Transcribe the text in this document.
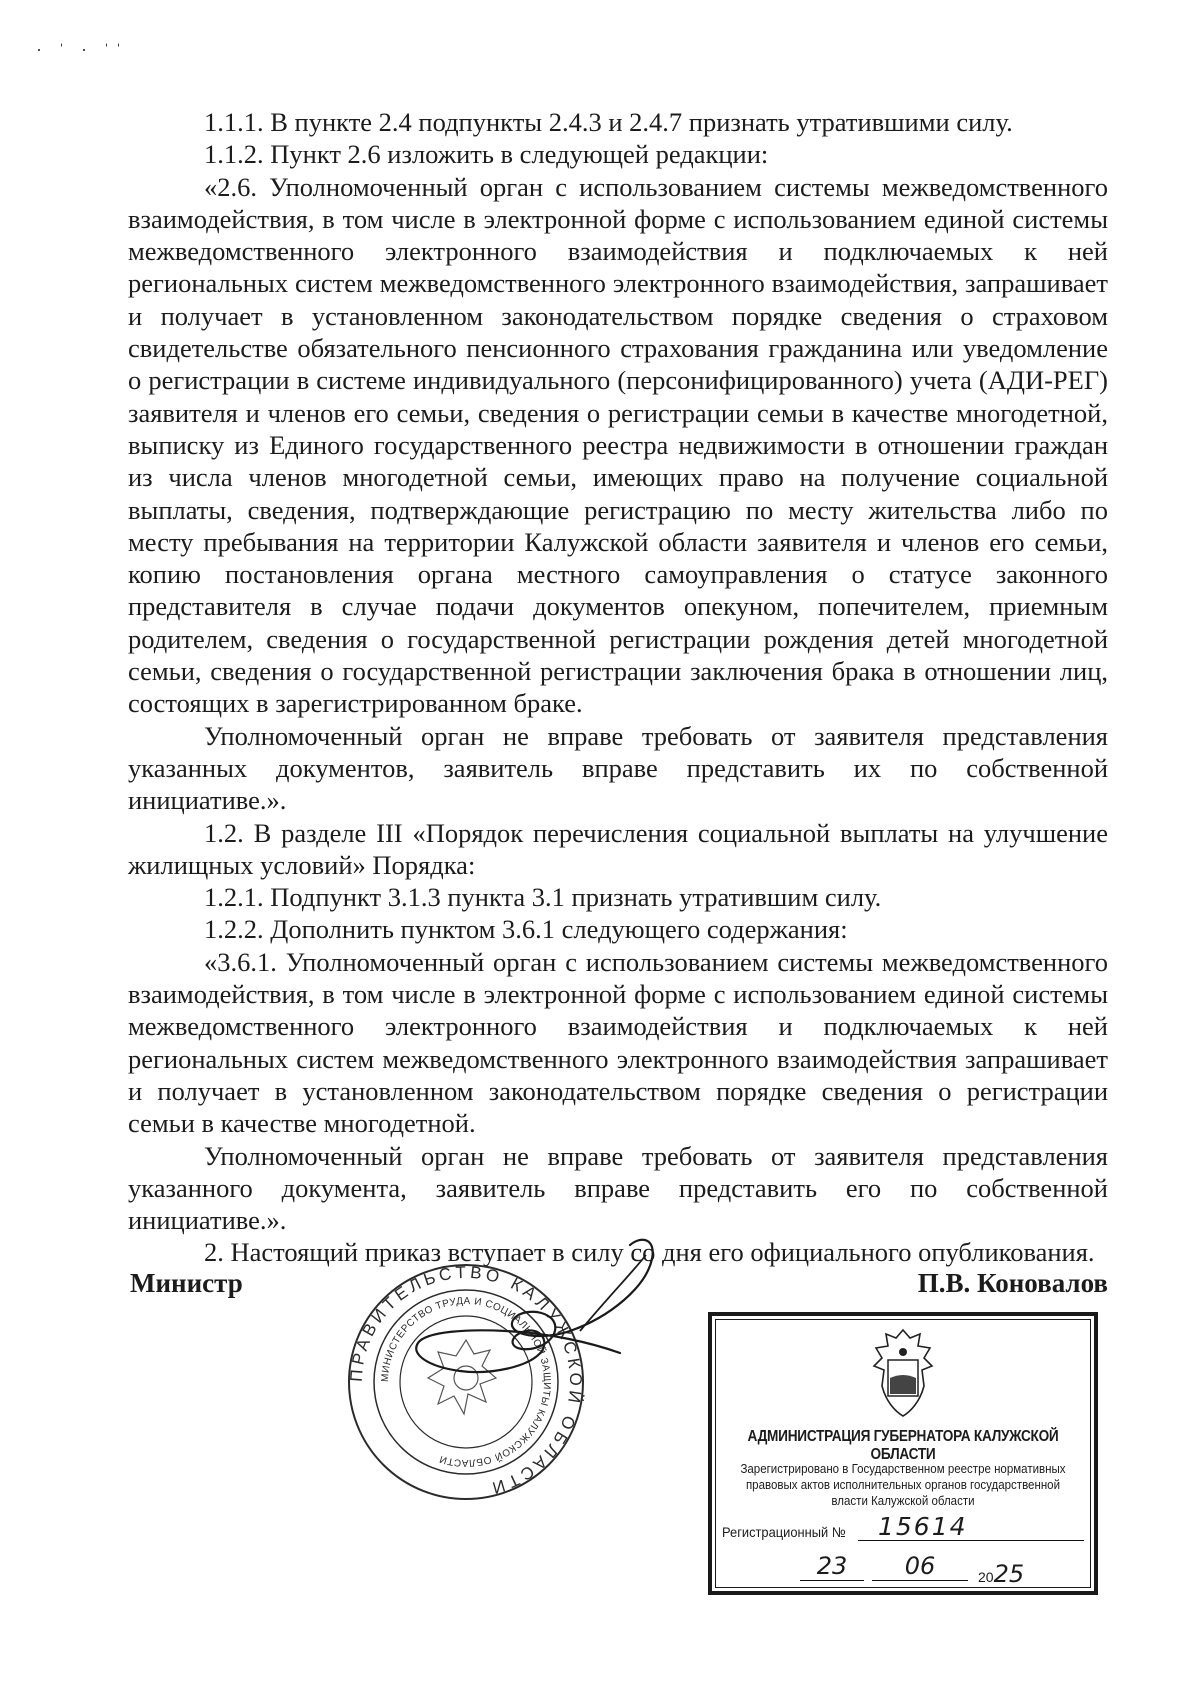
· ˈ · ˈˈ

1.1.1. В пункте 2.4 подпункты 2.4.3 и 2.4.7 признать утратившими силу.

1.1.2. Пункт 2.6 изложить в следующей редакции:

«2.6. Уполномоченный орган с использованием системы межведомственного взаимодействия, в том числе в электронной форме с использованием единой системы межведомственного электронного взаимодействия и подключаемых к ней региональных систем межведомственного электронного взаимодействия, запрашивает и получает в установленном законодательством порядке сведения о страховом свидетельстве обязательного пенсионного страхования гражданина или уведомление о регистрации в системе индивидуального (персонифицированного) учета (АДИ-РЕГ) заявителя и членов его семьи, сведения о регистрации семьи в качестве многодетной, выписку из Единого государственного реестра недвижимости в отношении граждан из числа членов многодетной семьи, имеющих право на получение социальной выплаты, сведения, подтверждающие регистрацию по месту жительства либо по месту пребывания на территории Калужской области заявителя и членов его семьи, копию постановления органа местного самоуправления о статусе законного представителя в случае подачи документов опекуном, попечителем, приемным родителем, сведения о государственной регистрации рождения детей многодетной семьи, сведения о государственной регистрации заключения брака в отношении лиц, состоящих в зарегистрированном браке.

Уполномоченный орган не вправе требовать от заявителя представления указанных документов, заявитель вправе представить их по собственной инициативе.».

1.2. В разделе III «Порядок перечисления социальной выплаты на улучшение жилищных условий» Порядка:

1.2.1. Подпункт 3.1.3 пункта 3.1 признать утратившим силу.

1.2.2. Дополнить пунктом 3.6.1 следующего содержания:

«3.6.1. Уполномоченный орган с использованием системы межведомственного взаимодействия, в том числе в электронной форме с использованием единой системы межведомственного электронного взаимодействия и подключаемых к ней региональных систем межведомственного электронного взаимодействия запрашивает и получает в установленном законодательством порядке сведения о регистрации семьи в качестве многодетной.

Уполномоченный орган не вправе требовать от заявителя представления указанного документа, заявитель вправе представить его по собственной инициативе.».

2. Настоящий приказ вступает в силу со дня его официального опубликования.

Министр	П.В. Коновалов
ПРАВИТЕЛЬСТВО КАЛУЖСКОЙ ОБЛАСТИ
МИНИСТЕРСТВО ТРУДА И СОЦИАЛЬНОЙ ЗАЩИТЫ КАЛУЖСКОЙ ОБЛАСТИ
АДМИНИСТРАЦИЯ ГУБЕРНАТОРА КАЛУЖСКОЙ ОБЛАСТИ
Зарегистрировано в Государственном реестре нормативных правовых актов исполнительных органов государственной власти Калужской области
Регистрационный №	15614
23	06	2025
